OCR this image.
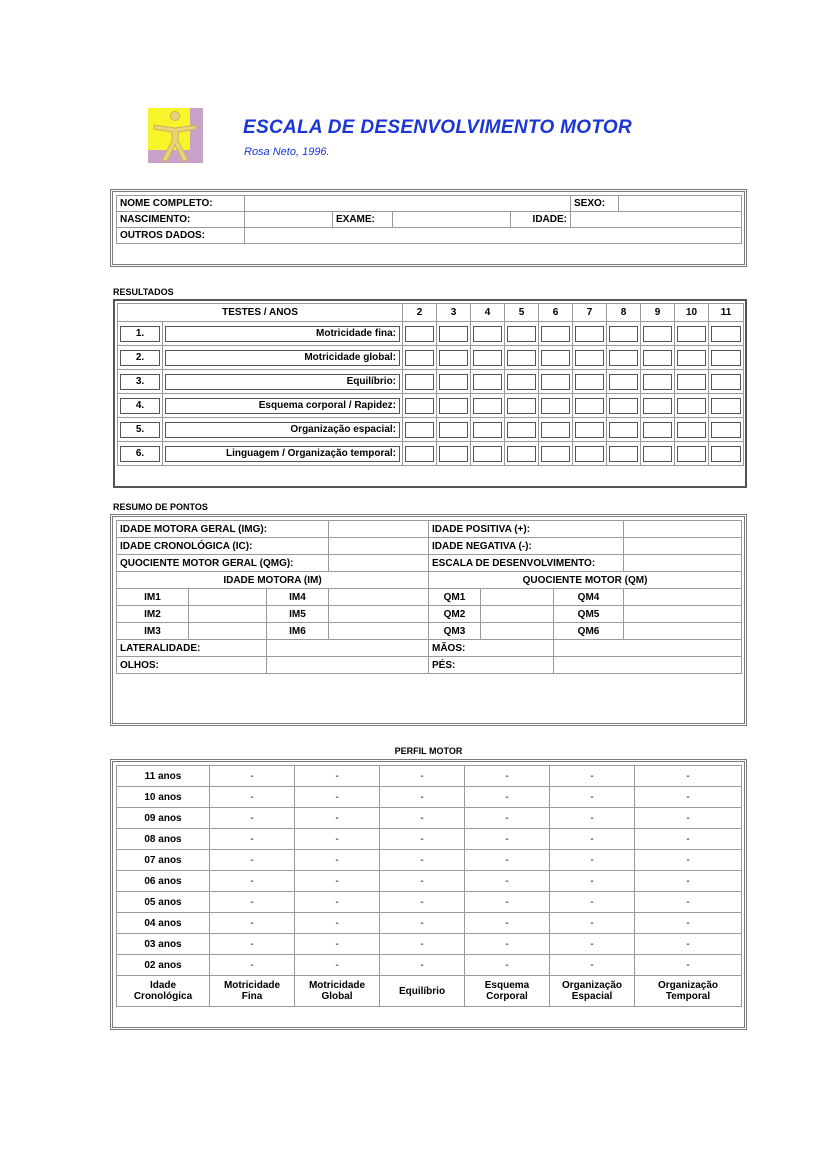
ESCALA DE DESENVOLVIMENTO MOTOR
Rosa Neto, 1996.
NOME COMPLETO:					SEXO:	
NASCIMENTO:		EXAME:		IDADE:		
OUTROS DADOS:						
RESULTADOS
TESTES / ANOS		2	3	4	5	6	7	8	9	10	11

1.	Motricidade fina:										

2.	Motricidade global:										

3.	Equilíbrio:										

4.	Esquema corporal / Rapidez:										

5.	Organização espacial:										

6.	Linguagem / Organização temporal:										

RESUMO DE PONTOS
IDADE MOTORA GERAL (IMG):				IDADE POSITIVA (+):			
IDADE CRONOLÓGICA (IC):				IDADE NEGATIVA (-):			
QUOCIENTE MOTOR GERAL (QMG):				ESCALA DE DESENVOLVIMENTO:			
IDADE MOTORA (IM)				QUOCIENTE MOTOR (QM)			
IM1		IM4		QM1		QM4	
IM2		IM5		QM2		QM5	
IM3		IM6		QM3		QM6	
LATERALIDADE:				MÃOS:			
OLHOS:				PÉS:			
PERFIL MOTOR
11 anos	-	-	-	-	-	-
10 anos	-	-	-	-	-	-
09 anos	-	-	-	-	-	-
08 anos	-	-	-	-	-	-
07 anos	-	-	-	-	-	-
06 anos	-	-	-	-	-	-
05 anos	-	-	-	-	-	-
04 anos	-	-	-	-	-	-
03 anos	-	-	-	-	-	-
02 anos	-	-	-	-	-	-
Idade Cronológica	Motricidade Fina	Motricidade Global	Equilíbrio	Esquema Corporal	Organização Espacial	Organização Temporal
